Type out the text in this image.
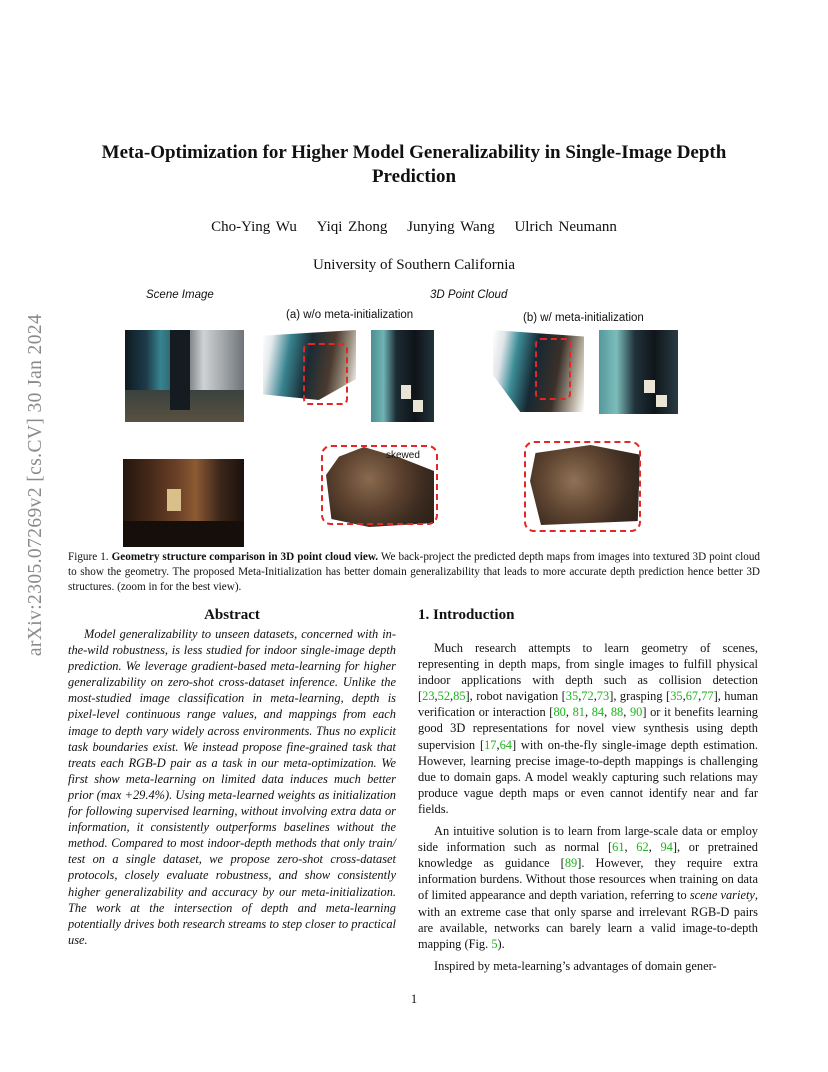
arXiv:2305.07269v2 [cs.CV] 30 Jan 2024
Meta-Optimization for Higher Model Generalizability in Single-Image Depth Prediction
Cho-Ying Wu Yiqi Zhong Junying Wang Ulrich Neumann
University of Southern California
Scene Image	3D Point Cloud
(a) w/o meta-initialization	(b) w/ meta-initialization
skewed
Figure 1. Geometry structure comparison in 3D point cloud view. We back-project the predicted depth maps from images into textured 3D point cloud to show the geometry. The proposed Meta-Initialization has better domain generalizability that leads to more accurate depth prediction hence better 3D structures. (zoom in for the best view).
Abstract

Model generalizability to unseen datasets, concerned with in-the-wild robustness, is less studied for indoor single-image depth prediction. We leverage gradient-based meta-learning for higher generalizability on zero-shot cross-dataset inference. Unlike the most-studied image classification in meta-learning, depth is pixel-level continuous range values, and mappings from each image to depth vary widely across environments. Thus no explicit task boundaries exist. We instead propose fine-grained task that treats each RGB-D pair as a task in our meta-optimization. We first show meta-learning on limited data induces much better prior (max +29.4%). Using meta-learned weights as initialization for following supervised learning, without involving extra data or information, it consistently outperforms baselines without the method. Compared to most indoor-depth methods that only train/ test on a single dataset, we propose zero-shot cross-dataset protocols, closely evaluate robustness, and show consistently higher generalizability and accuracy by our meta-initialization. The work at the intersection of depth and meta-learning potentially drives both research streams to step closer to practical use.

1. Introduction

Much research attempts to learn geometry of scenes, representing in depth maps, from single images to fulfill physical indoor applications with depth such as collision detection [23,52,85], robot navigation [35,72,73], grasping [35,67,77], human verification or interaction [80, 81, 84, 88, 90] or it benefits learning good 3D representations for novel view synthesis using depth supervision [17,64] with on-the-fly single-image depth estimation. However, learning precise image-to-depth mappings is challenging due to domain gaps. A model weakly capturing such relations may produce vague depth maps or even cannot identify near and far fields.

An intuitive solution is to learn from large-scale data or employ side information such as normal [61, 62, 94], or pretrained knowledge as guidance [89]. However, they require extra information burdens. Without those resources when training on data of limited appearance and depth variation, referring to scene variety, with an extreme case that only sparse and irrelevant RGB-D pairs are available, networks can barely learn a valid image-to-depth mapping (Fig. 5).

Inspired by meta-learning’s advantages of domain gener-

1
